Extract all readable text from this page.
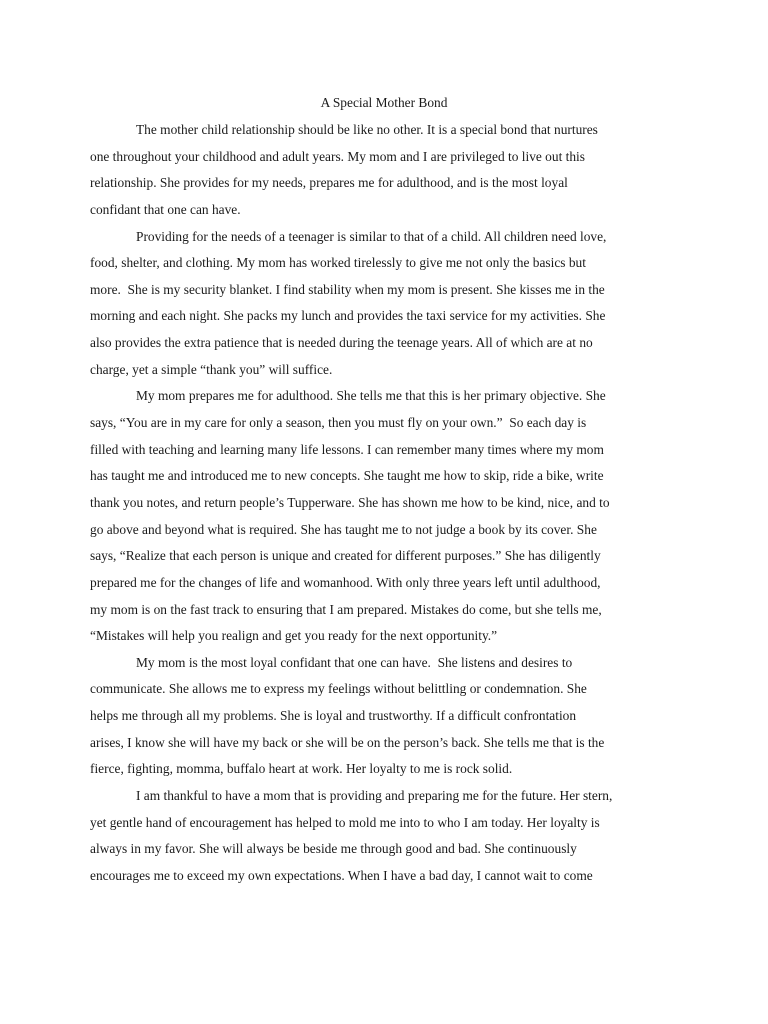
A Special Mother Bond
The mother child relationship should be like no other. It is a special bond that nurtures
one throughout your childhood and adult years. My mom and I are privileged to live out this
relationship. She provides for my needs, prepares me for adulthood, and is the most loyal
confidant that one can have.
Providing for the needs of a teenager is similar to that of a child. All children need love,
food, shelter, and clothing. My mom has worked tirelessly to give me not only the basics but
more.  She is my security blanket. I find stability when my mom is present. She kisses me in the
morning and each night. She packs my lunch and provides the taxi service for my activities. She
also provides the extra patience that is needed during the teenage years. All of which are at no
charge, yet a simple “thank you” will suffice.
My mom prepares me for adulthood. She tells me that this is her primary objective. She
says, “You are in my care for only a season, then you must fly on your own.”  So each day is
filled with teaching and learning many life lessons. I can remember many times where my mom
has taught me and introduced me to new concepts. She taught me how to skip, ride a bike, write
thank you notes, and return people’s Tupperware. She has shown me how to be kind, nice, and to
go above and beyond what is required. She has taught me to not judge a book by its cover. She
says, “Realize that each person is unique and created for different purposes.” She has diligently
prepared me for the changes of life and womanhood. With only three years left until adulthood,
my mom is on the fast track to ensuring that I am prepared. Mistakes do come, but she tells me,
“Mistakes will help you realign and get you ready for the next opportunity.”
My mom is the most loyal confidant that one can have.  She listens and desires to
communicate. She allows me to express my feelings without belittling or condemnation. She
helps me through all my problems. She is loyal and trustworthy. If a difficult confrontation
arises, I know she will have my back or she will be on the person’s back. She tells me that is the
fierce, fighting, momma, buffalo heart at work. Her loyalty to me is rock solid.
I am thankful to have a mom that is providing and preparing me for the future. Her stern,
yet gentle hand of encouragement has helped to mold me into to who I am today. Her loyalty is
always in my favor. She will always be beside me through good and bad. She continuously
encourages me to exceed my own expectations. When I have a bad day, I cannot wait to come
